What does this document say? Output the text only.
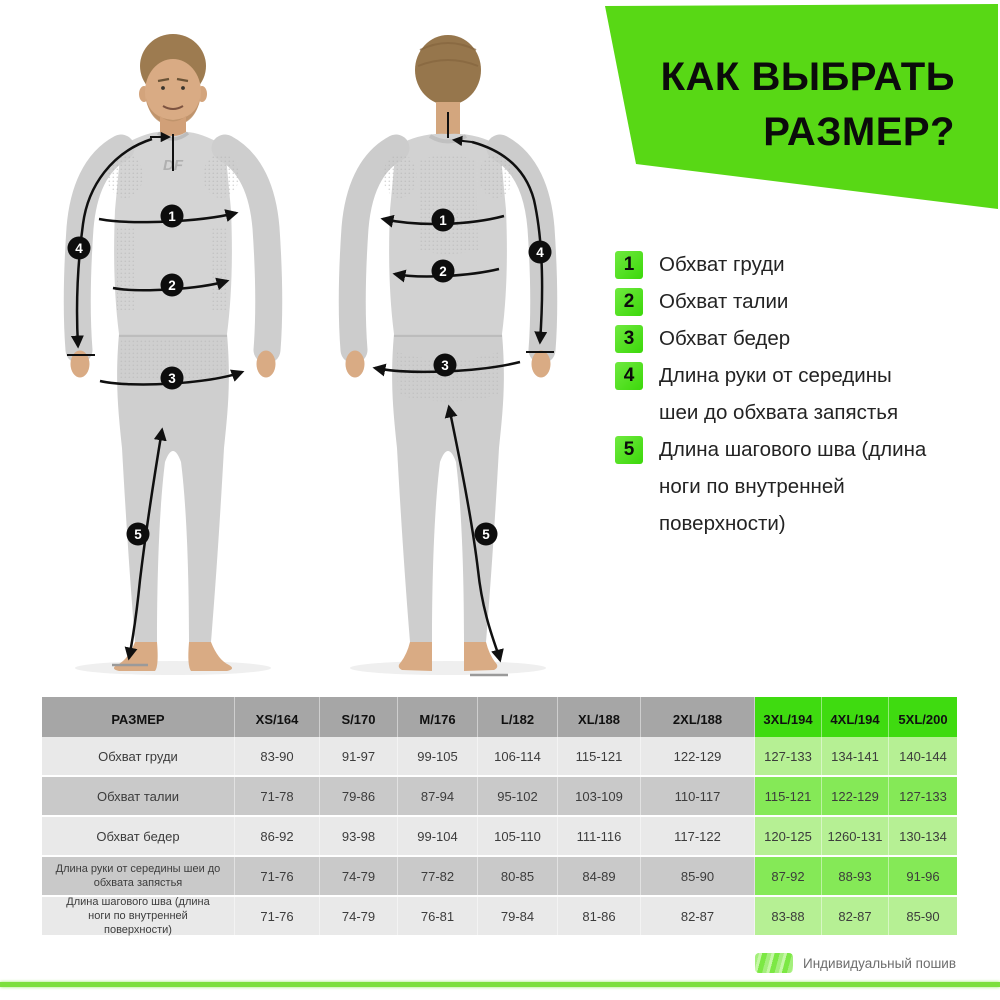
DF
1
2
3
4
5
1
2
3
4
5
КАК ВЫБРАТЬ
РАЗМЕР?
1	Обхват груди
2	Обхват талии
3	Обхват бедер
4	Длина руки от середины шеи до обхвата запястья
5	Длина шагового шва (длина ноги по внутренней поверхности)
РАЗМЕР	XS/164	S/170	M/176	L/182	XL/188	2XL/188	3XL/194	4XL/194	5XL/200
Обхват груди	83-90	91-97	99-105	106-114	115-121	122-129	127-133	134-141	140-144
Обхват талии	71-78	79-86	87-94	95-102	103-109	110-117	115-121	122-129	127-133
Обхват бедер	86-92	93-98	99-104	105-110	111-116	117-122	120-125	1260-131	130-134
Длина руки от середины шеи до обхвата запястья	71-76	74-79	77-82	80-85	84-89	85-90	87-92	88-93	91-96
Длина шагового шва (длина ноги по внутренней поверхности)
71-76	74-79	76-81	79-84	81-86	82-87	83-88	82-87	85-90
Индивидуальный пошив
